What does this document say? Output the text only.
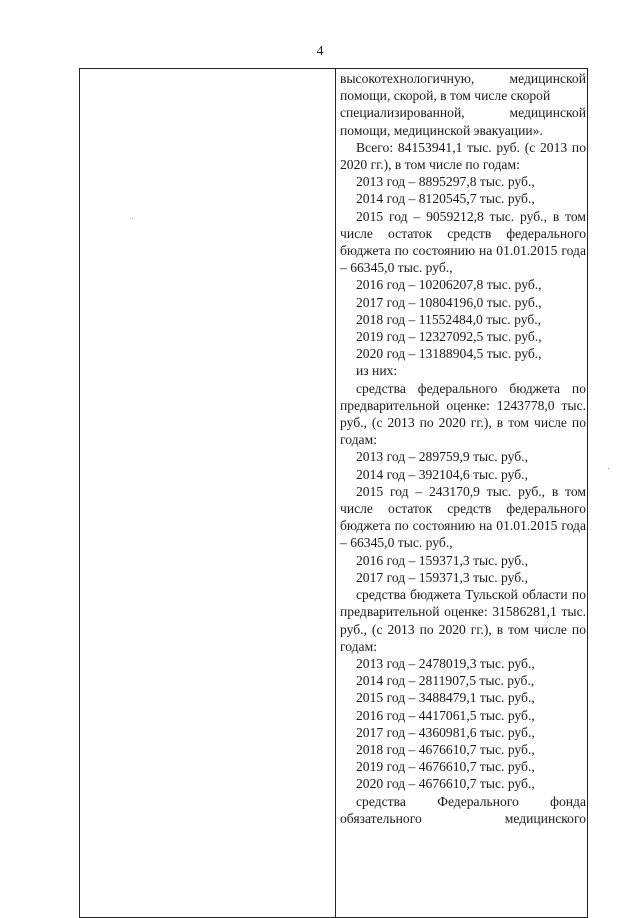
4

высокотехнологичную, медицинской

помощи, скорой, в том числе скорой

специализированной, медицинской

помощи, медицинской эвакуации».

Всего: 84153941,1 тыс. руб. (с 2013 по 2020 гг.), в том числе по годам:

2013 год – 8895297,8 тыс. руб.,

2014 год – 8120545,7 тыс. руб.,

2015 год – 9059212,8 тыс. руб., в том числе остаток средств федерального бюджета по состоянию на 01.01.2015 года – 66345,0 тыс. руб.,

2016 год – 10206207,8 тыс. руб.,

2017 год – 10804196,0 тыс. руб.,

2018 год – 11552484,0 тыс. руб.,

2019 год – 12327092,5 тыс. руб.,

2020 год – 13188904,5 тыс. руб.,

из них:

средства федерального бюджета по предварительной оценке: 1243778,0 тыс. руб., (с 2013 по 2020 гг.), в том числе по годам:

2013 год – 289759,9 тыс. руб.,

2014 год – 392104,6 тыс. руб.,

2015 год – 243170,9 тыс. руб., в том числе остаток средств федерального бюджета по состоянию на 01.01.2015 года – 66345,0 тыс. руб.,

2016 год – 159371,3 тыс. руб.,

2017 год – 159371,3 тыс. руб.,

средства бюджета Тульской области по предварительной оценке: 31586281,1 тыс. руб., (с 2013 по 2020 гг.), в том числе по годам:

2013 год – 2478019,3 тыс. руб.,

2014 год – 2811907,5 тыс. руб.,

2015 год – 3488479,1 тыс. руб.,

2016 год – 4417061,5 тыс. руб.,

2017 год – 4360981,6 тыс. руб.,

2018 год – 4676610,7 тыс. руб.,

2019 год – 4676610,7 тыс. руб.,

2020 год – 4676610,7 тыс. руб.,

средства Федерального фонда

обязательного медицинского
